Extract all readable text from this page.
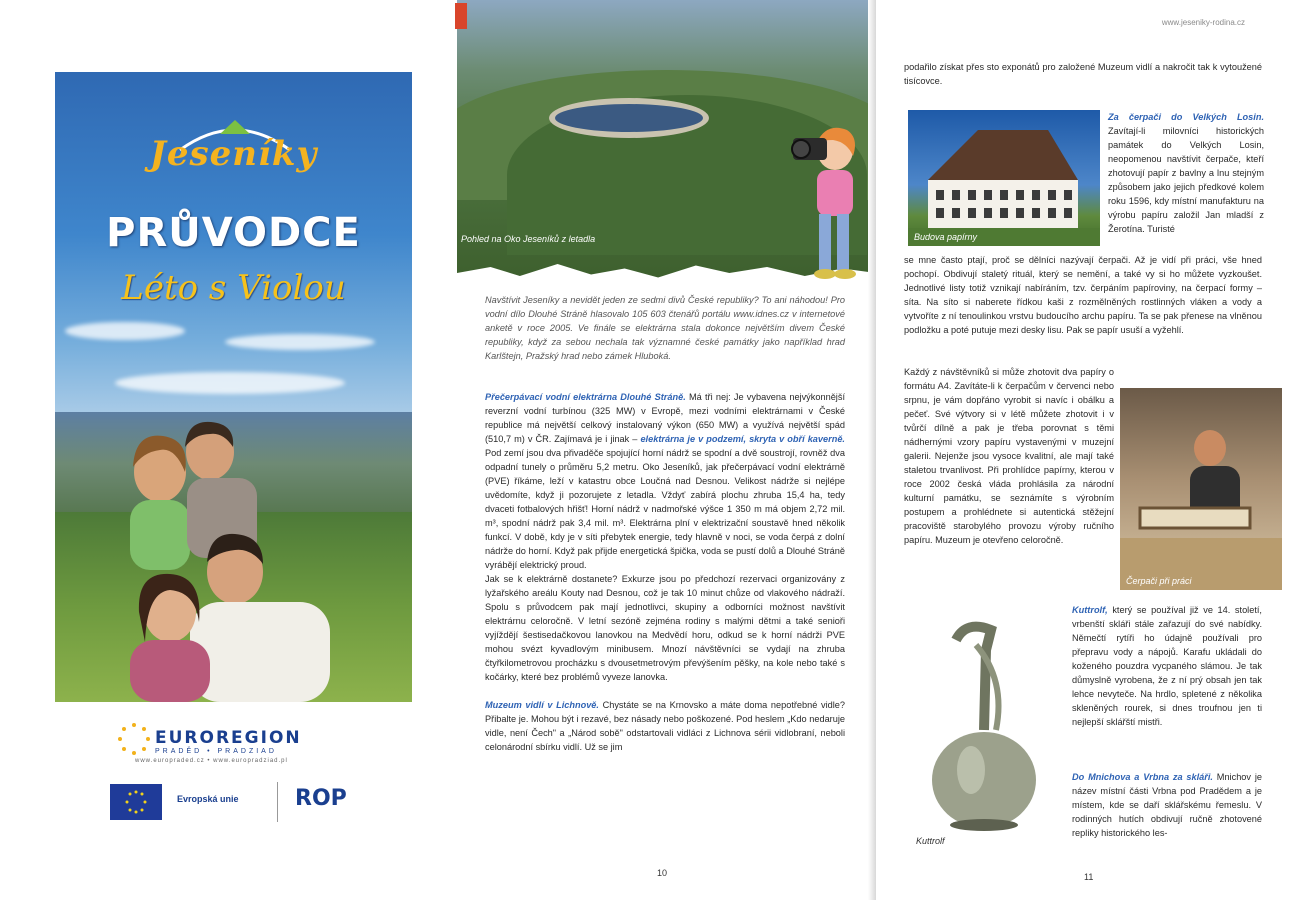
Jeseníky
PRŮVODCE
Léto s Violou
EUROREGION
PRADĚD • PRADZIAD
www.europraded.cz • www.europradziad.pl
Evropská unie	ROP
Pohled na Oko Jeseníků z letadla
Navštívit Jeseníky a nevidět jeden ze sedmi divů České republiky? To ani náhodou! Pro vodní dílo Dlouhé Stráně hlasovalo 105 603 čtenářů portálu www.idnes.cz v internetové anketě v roce 2005. Ve finále se elektrárna stala dokonce největším divem České republiky, když za sebou nechala tak významné české památky jako například hrad Karlštejn, Pražský hrad nebo zámek Hluboká.
Přečerpávací vodní elektrárna Dlouhé Stráně. Má tři nej: Je vybavena nejvýkonnější reverzní vodní turbínou (325 MW) v Evropě, mezi vodními elektrárnami v České republice má největší celkový instalovaný výkon (650 MW) a využívá největší spád (510,7 m) v ČR. Zajímavá je i jinak – elektrárna je v podzemí, skryta v obří kaverně. Pod zemí jsou dva přivaděče spojující horní nádrž se spodní a dvě soustrojí, rovněž dva odpadní tunely o průměru 5,2 metru. Oko Jeseníků, jak přečerpávací vodní elektrárně (PVE) říkáme, leží v katastru obce Loučná nad Desnou. Velikost nádrže si nejlépe uvědomíte, když ji pozorujete z letadla. Vždyť zabírá plochu zhruba 15,4 ha, tedy dvaceti fotbalových hřišť! Horní nádrž v nadmořské výšce 1 350 m má objem 2,72 mil. m³, spodní nádrž pak 3,4 mil. m³. Elektrárna plní v elektrizační soustavě hned několik funkcí. V době, kdy je v síti přebytek energie, tedy hlavně v noci, se voda čerpá z dolní nádrže do horní. Když pak přijde energetická špička, voda se pustí dolů a Dlouhé Stráně vyrábějí elektrický proud.
Jak se k elektrárně dostanete? Exkurze jsou po předchozí rezervaci organizovány z lyžařského areálu Kouty nad Desnou, což je tak 10 minut chůze od vlakového nádraží. Spolu s průvodcem pak mají jednotlivci, skupiny a odborníci možnost navštívit elektrárnu celoročně. V letní sezóně zejména rodiny s malými dětmi a také senioři vyjíždějí šestisedačkovou lanovkou na Medvědí horu, odkud se k horní nádrži PVE mohou svézt kyvadlovým minibusem. Mnozí návštěvníci se vydají na zhruba čtyřkilometrovou procházku s dvousetmetrovým převýšením pěšky, na kole nebo také s kočárky, které bez problémů vyveze lanovka.

Muzeum vidlí v Lichnově. Chystáte se na Krnovsko a máte doma nepotřebné vidle? Přibalte je. Mohou být i rezavé, bez násady nebo poškozené. Pod heslem „Kdo nedaruje vidle, není Čech" a „Národ sobě" odstartovali vidláci z Lichnova sérii vidlobraní, neboli celonárodní sbírku vidlí. Už se jim
10
www.jeseniky-rodina.cz
podařilo získat přes sto exponátů pro založené Muzeum vidlí a nakročit tak k vytoužené tisícovce.
Budova papírny
Za čerpači do Velkých Losin. Zavítají-li milovníci historických památek do Velkých Losin, neopomenou navštívit čerpače, kteří zhotovují papír z bavlny a lnu stejným způsobem jako jejich předkové kolem roku 1596, kdy místní manufakturu na výrobu papíru založil Jan mladší z Žerotína. Turisté
se mne často ptají, proč se dělníci nazývají čerpači. Až je vidí při práci, vše hned pochopí. Obdivují staletý rituál, který se nemění, a také vy si ho můžete vyzkoušet. Jednotlivé listy totiž vznikají nabíráním, tzv. čerpáním papíroviny, na čerpací formy – síta. Na síto si naberete řídkou kaši z rozmělněných rostlinných vláken a vody a vytvoříte z ní tenoulinkou vrstvu budoucího archu papíru. Ta se pak přenese na vlněnou podložku a poté putuje mezi desky lisu. Pak se papír usuší a vyžehlí.
Každý z návštěvníků si může zhotovit dva papíry o formátu A4. Zavítáte-li k čerpačům v červenci nebo srpnu, je vám dopřáno vyrobit si navíc i obálku a pečeť. Své výtvory si v létě můžete zhotovit i v tvůrčí dílně a pak je třeba porovnat s těmi nádhernými vzory papíru vystavenými v muzejní galerii. Nejenže jsou vysoce kvalitní, ale mají také staletou trvanlivost. Při prohlídce papírny, kterou v roce 2002 česká vláda prohlásila za národní kulturní památku, se seznámíte s výrobním postupem a prohlédnete si autentická stěžejní pracoviště starobylého provozu výroby ručního papíru. Muzeum je otevřeno celoročně.
Čerpači při práci
Kuttrolf
Kuttrolf, který se používal již ve 14. století, vrbenští skláři stále zařazují do své nabídky. Němečtí rytíři ho údajně používali pro přepravu vody a nápojů. Karafu ukládali do koženého pouzdra vycpaného slámou. Je tak důmyslně vyrobena, že z ní prý obsah jen tak lehce nevyteče. Na hrdlo, spletené z několika skleněných rourek, si dnes troufnou jen ti nejlepší sklářští mistři.
Do Mnichova a Vrbna za skláři. Mnichov je název místní části Vrbna pod Pradědem a je místem, kde se daří sklářskému řemeslu. V rodinných hutích obdivují ručně zhotovené repliky historického les-
11
